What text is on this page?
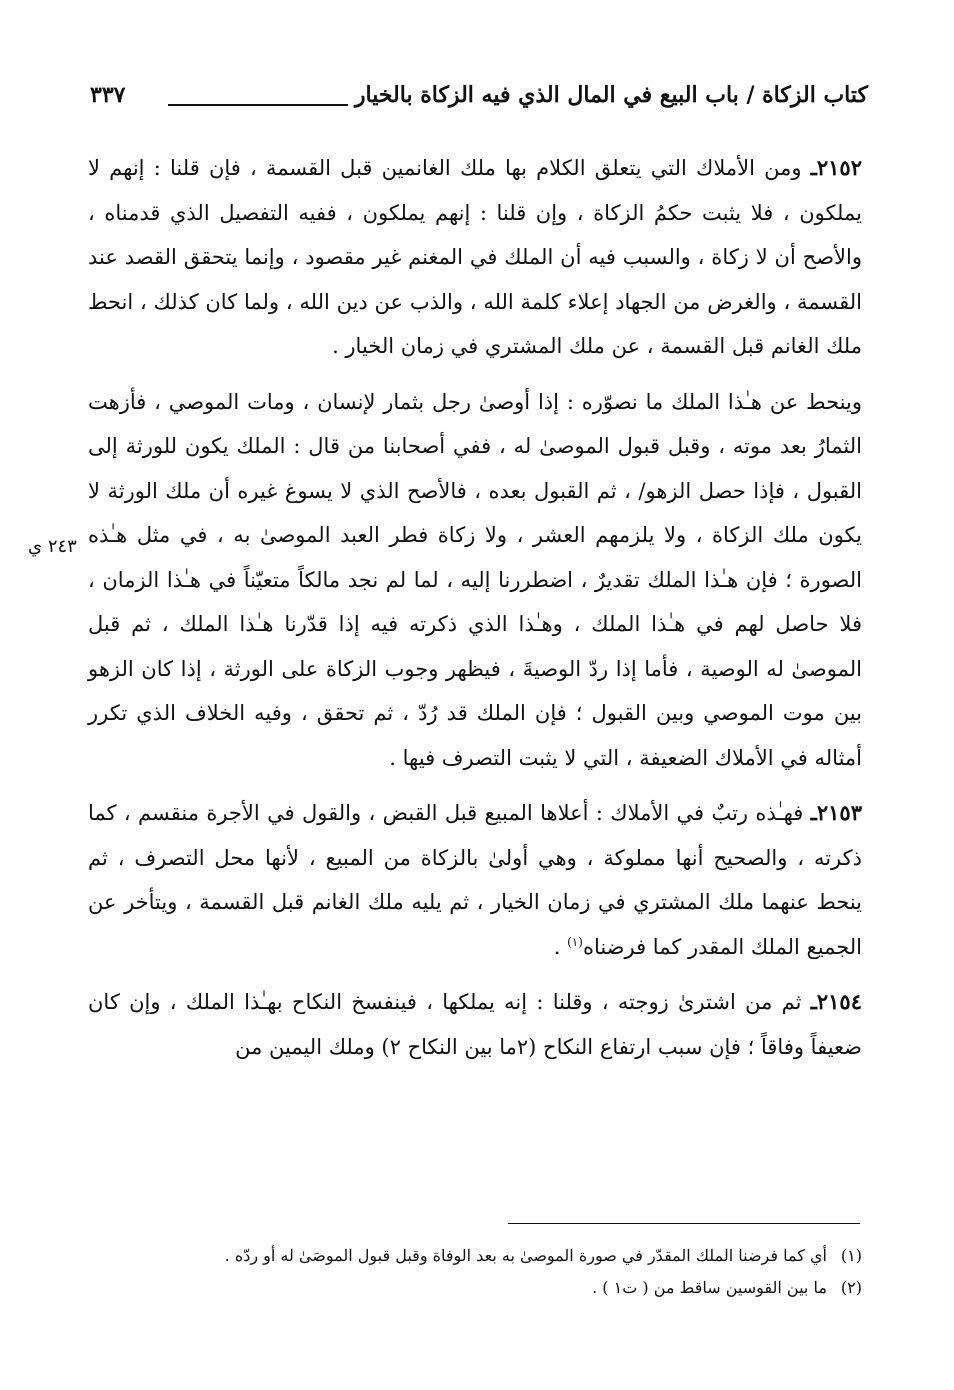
كتاب الزكاة / باب البيع في المال الذي فيه الزكاة بالخيار
٣٣٧
٢٤٣ ي

٢١٥٢ـ ومن الأملاك التي يتعلق الكلام بها ملك الغانمين قبل القسمة ، فإن قلنا : إنهم لا يملكون ، فلا يثبت حكمُ الزكاة ، وإن قلنا : إنهم يملكون ، ففيه التفصيل الذي قدمناه ، والأصح أن لا زكاة ، والسبب فيه أن الملك في المغنم غير مقصود ، وإنما يتحقق القصد عند القسمة ، والغرض من الجهاد إعلاء كلمة الله ، والذب عن دين الله ، ولما كان كذلك ، انحط ملك الغانم قبل القسمة ، عن ملك المشتري في زمان الخيار .

وينحط عن هـٰذا الملك ما نصوّره : إذا أوصىٰ رجل بثمار لإنسان ، ومات الموصي ، فأزهت الثمارُ بعد موته ، وقبل قبول الموصىٰ له ، ففي أصحابنا من قال : الملك يكون للورثة إلى القبول ، فإذا حصل الزهو/ ، ثم القبول بعده ، فالأصح الذي لا يسوغ غيره أن ملك الورثة لا يكون ملك الزكاة ، ولا يلزمهم العشر ، ولا زكاة فطر العبد الموصىٰ به ، في مثل هـٰذه الصورة ؛ فإن هـٰذا الملك تقديرٌ ، اضطررنا إليه ، لما لم نجد مالكاً متعيّناً في هـٰذا الزمان ، فلا حاصل لهم في هـٰذا الملك ، وهـٰذا الذي ذكرته فيه إذا قدّرنا هـٰذا الملك ، ثم قبل الموصىٰ له الوصية ، فأما إذا ردّ الوصيةَ ، فيظهر وجوب الزكاة على الورثة ، إذا كان الزهو بين موت الموصي وبين القبول ؛ فإن الملك قد رُدّ ، ثم تحقق ، وفيه الخلاف الذي تكرر أمثاله في الأملاك الضعيفة ، التي لا يثبت التصرف فيها .

٢١٥٣ـ فهـٰذه رتبٌ في الأملاك : أعلاها المبيع قبل القبض ، والقول في الأجرة منقسم ، كما ذكرته ، والصحيح أنها مملوكة ، وهي أولىٰ بالزكاة من المبيع ، لأنها محل التصرف ، ثم ينحط عنهما ملك المشتري في زمان الخيار ، ثم يليه ملك الغانم قبل القسمة ، ويتأخر عن الجميع الملك المقدر كما فرضناه$^{(١)}$ .

٢١٥٤ـ ثم من اشترىٰ زوجته ، وقلنا : إنه يملكها ، فينفسخ النكاح بهـٰذا الملك ، وإن كان ضعيفاً وفاقاً ؛ فإن سبب ارتفاع النكاح (٢ما بين النكاح ٢) وملك اليمين من

(١)
أي كما فرضنا الملك المقدّر في صورة الموصىٰ به بعد الوفاة وقبل قبول الموصَىٰ له أو ردّه .
(٢)
ما بين القوسين ساقط من ( ت١ ) .
